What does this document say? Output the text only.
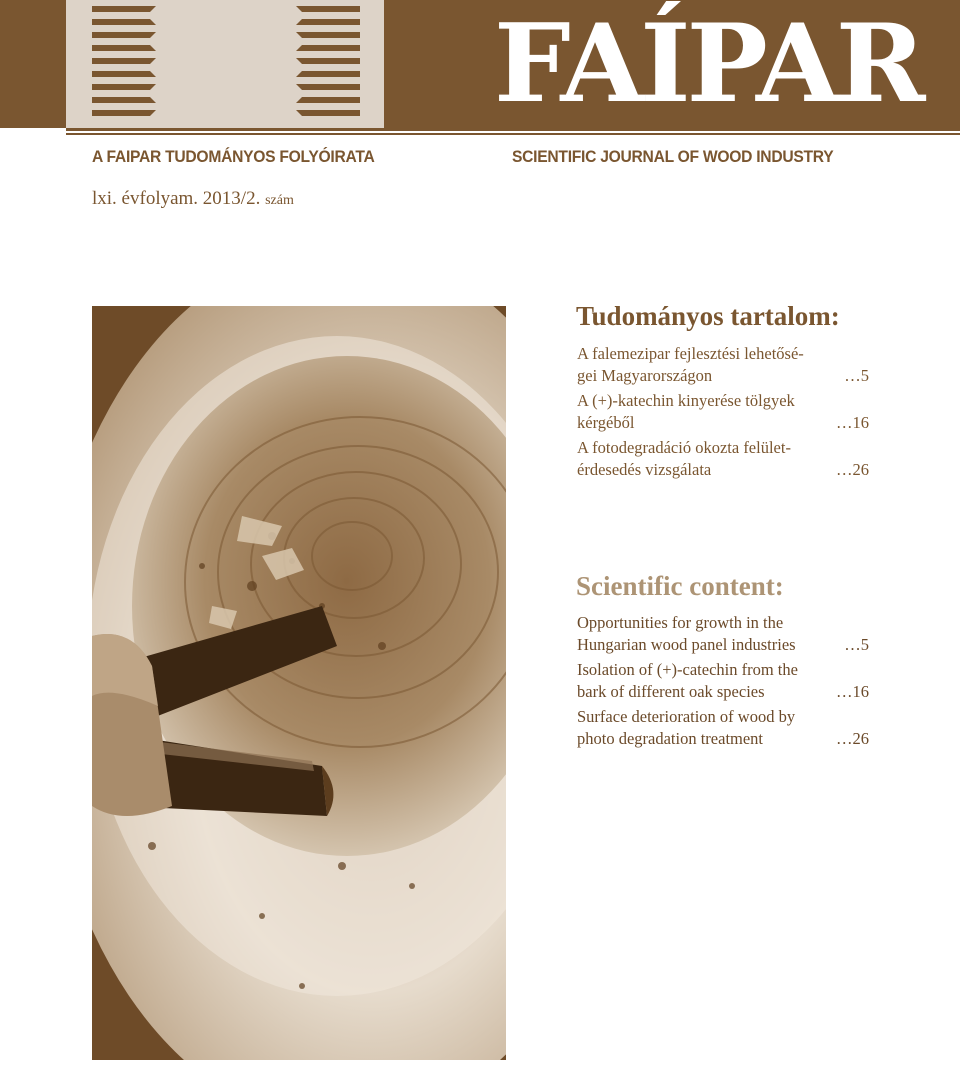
FAÍPAR
A FAIPAR TUDOMÁNYOS FOLYÓIRATA	SCIENTIFIC JOURNAL OF WOOD INDUSTRY
lxi. évfolyam. 2013/2. szám
Tudományos tartalom:
A falemezipar fejlesztési lehetősé-
gei Magyarországon	…5
A (+)-katechin kinyerése tölgyek
kérgéből	…16
A fotodegradáció okozta felület-
érdesedés vizsgálata	…26
Scientific content:
Opportunities for growth in the
Hungarian wood panel industries	…5
Isolation of (+)-catechin from the
bark of different oak species	…16
Surface deterioration of wood by
photo degradation treatment	…26
